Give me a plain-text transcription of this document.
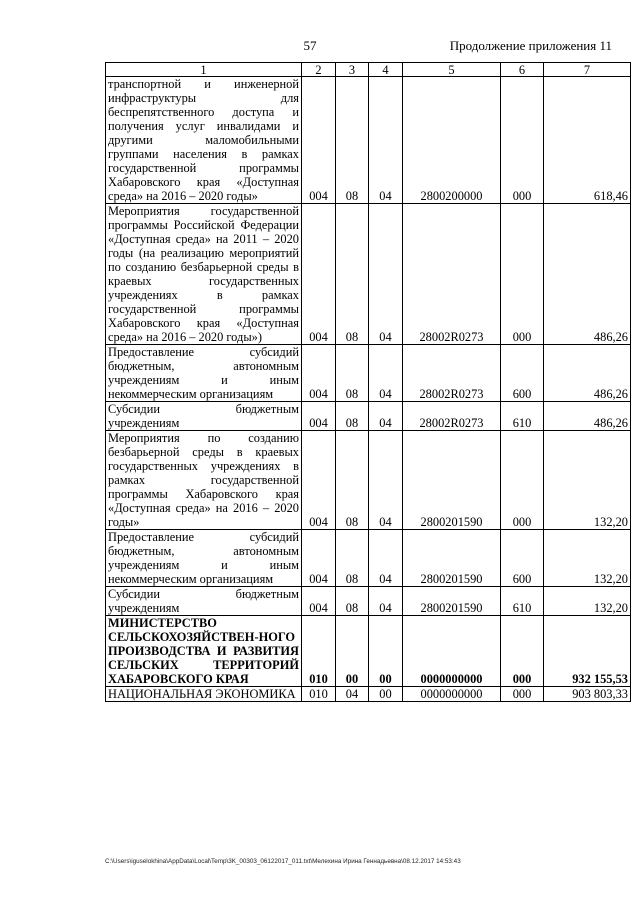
57	Продолжение приложения 11
1	2	3	4	5	6	7
транспортной и инженерной инфраструктуры для беспрепятственного доступа и получения услуг инвалидами и другими маломобильными группами населения в рамках государственной программы Хабаровского края «Доступная среда» на 2016 – 2020 годы»	004	08	04	2800200000	000	618,46
Мероприятия государственной программы Российской Федерации «Доступная среда» на 2011 – 2020 годы (на реализацию мероприятий по созданию безбарьерной среды в краевых государственных учреждениях в рамках государственной программы Хабаровского края «Доступная среда» на 2016 – 2020 годы»)	004	08	04	28002R0273	000	486,26
Предоставление субсидий бюджетным, автономным учреждениям и иным некоммерческим организациям	004	08	04	28002R0273	600	486,26
Субсидии бюджетным учреждениям	004	08	04	28002R0273	610	486,26
Мероприятия по созданию безбарьерной среды в краевых государственных учреждениях в рамках государственной программы Хабаровского края «Доступная среда» на 2016 – 2020 годы»	004	08	04	2800201590	000	132,20
Предоставление субсидий бюджетным, автономным учреждениям и иным некоммерческим организациям	004	08	04	2800201590	600	132,20
Субсидии бюджетным учреждениям	004	08	04	2800201590	610	132,20
МИНИСТЕРСТВО СЕЛЬСКОХОЗЯЙСТВЕН-НОГО ПРОИЗВОДСТВА И РАЗВИТИЯ СЕЛЬСКИХ ТЕРРИТОРИЙ ХАБАРОВСКОГО КРАЯ	010	00	00	0000000000	000	932 155,53
НАЦИОНАЛЬНАЯ ЭКОНОМИКА	010	04	00	0000000000	000	903 803,33
C:\Users\iguselokhina\AppData\Local\Temp\3K_00303_06122017_011.txt\Мелехина Ирина Геннадьевна\08.12.2017 14:53:43
